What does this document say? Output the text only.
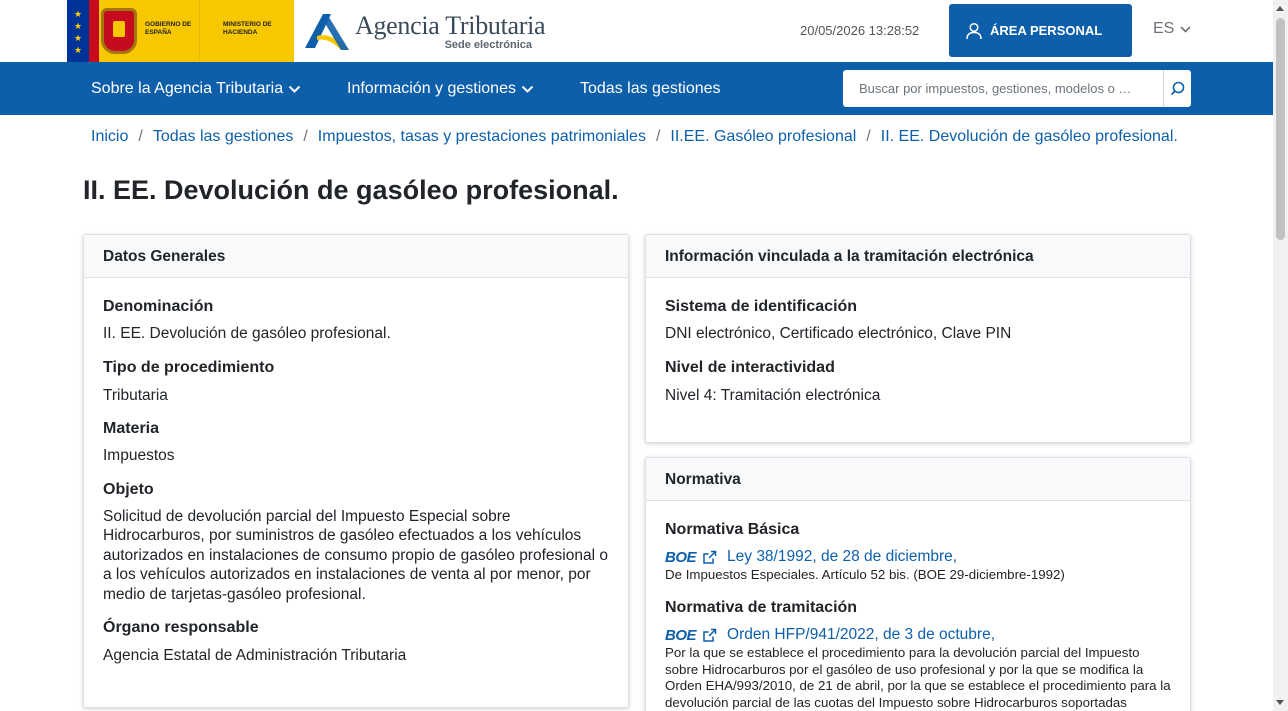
★
★
★
★
GOBIERNO DE ESPAÑA
MINISTERIO DE HACIENDA	Agencia Tributaria
Sede electrónica
20/05/2026 13:28:52	ÁREA PERSONAL	ES
Sobre la Agencia Tributaria	Información y gestiones	Todas las gestiones	Buscar por impuestos, gestiones, modelos o …
Inicio / Todas las gestiones / Impuestos, tasas y prestaciones patrimoniales / II.EE. Gasóleo profesional / II. EE. Devolución de gasóleo profesional.
II. EE. Devolución de gasóleo profesional.
Datos Generales
Denominación
II. EE. Devolución de gasóleo profesional.
Tipo de procedimiento
Tributaria
Materia
Impuestos
Objeto
Solicitud de devolución parcial del Impuesto Especial sobre Hidrocarburos, por suministros de gasóleo efectuados a los vehículos autorizados en instalaciones de consumo propio de gasóleo profesional o a los vehículos autorizados en instalaciones de venta al por menor, por medio de tarjetas-gasóleo profesional.
Órgano responsable
Agencia Estatal de Administración Tributaria
Información vinculada a la tramitación electrónica
Sistema de identificación
DNI electrónico, Certificado electrónico, Clave PIN
Nivel de interactividad
Nivel 4: Tramitación electrónica
Normativa
Normativa Básica
BOE Ley 38/1992, de 28 de diciembre,
De Impuestos Especiales. Artículo 52 bis. (BOE 29-diciembre-1992)
Normativa de tramitación
BOE Orden HFP/941/2022, de 3 de octubre,
Por la que se establece el procedimiento para la devolución parcial del Impuesto sobre Hidrocarburos por el gasóleo de uso profesional y por la que se modifica la Orden EHA/993/2010, de 21 de abril, por la que se establece el procedimiento para la devolución parcial de las cuotas del Impuesto sobre Hidrocarburos soportadas
